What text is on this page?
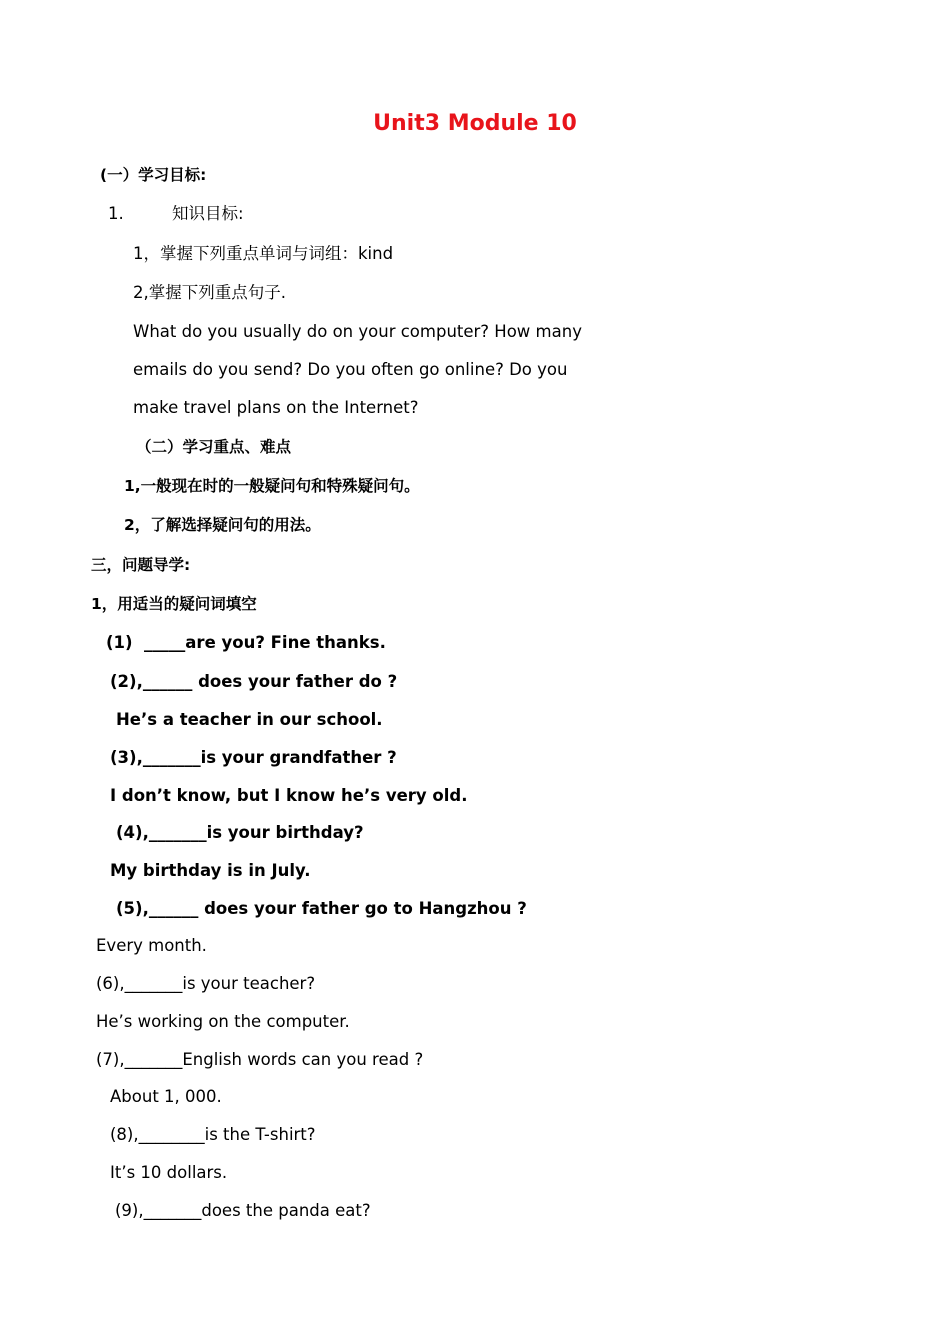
Unit3 Module 10
(一）学习目标:
1.	知识目标:
1，掌握下列重点单词与词组：kind
2,掌握下列重点句子.
What do you usually do on your computer? How many
emails do you send? Do you often go online? Do you
make travel plans on the Internet?
（二）学习重点、难点
1,一般现在时的一般疑问句和特殊疑问句。
2，了解选择疑问句的用法。
三，问题导学:
1，用适当的疑问词填空
(1)  _____are you? Fine thanks.
(2),______ does your father do ?
He’s a teacher in our school.
(3),_______is your grandfather ?
I don’t know, but I know he’s very old.
(4),_______is your birthday?
My birthday is in July.
(5),______ does your father go to Hangzhou ?
Every month.
(6),_______is your teacher?
He’s working on the computer.
(7),_______English words can you read ?
About 1, 000.
(8),________is the T-shirt?
It’s 10 dollars.
(9),_______does the panda eat?
